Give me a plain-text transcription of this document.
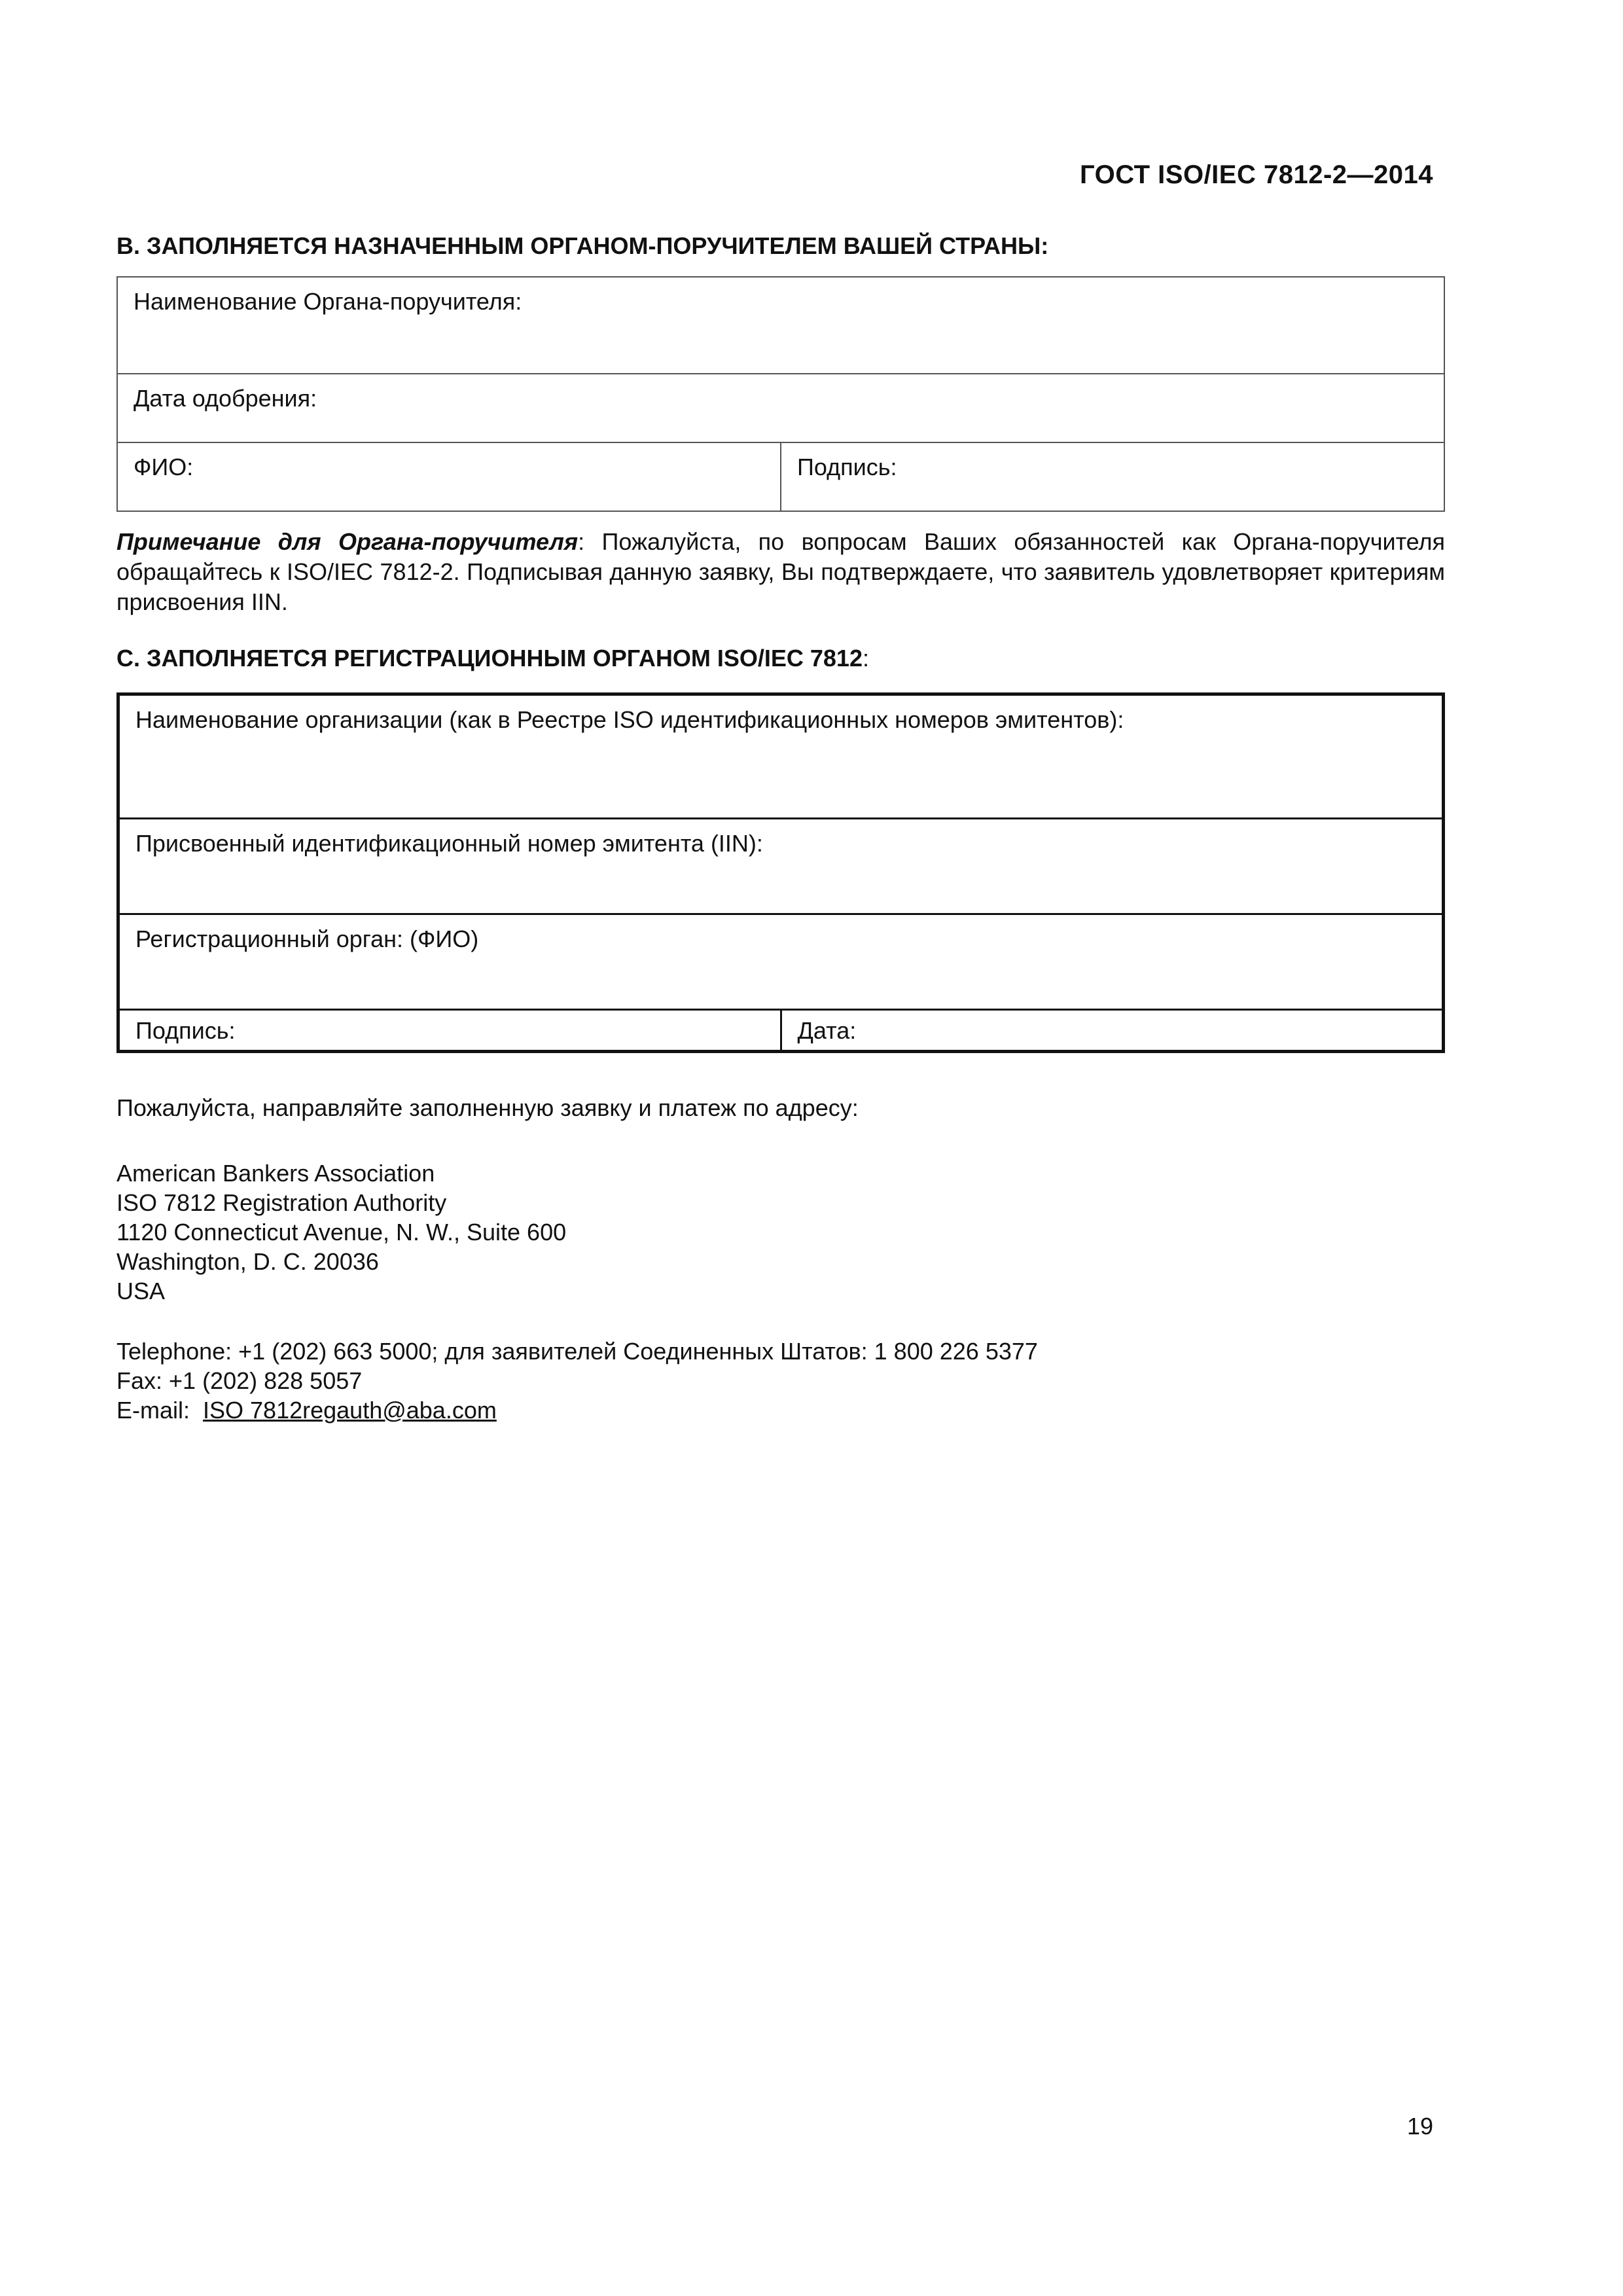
ГОСТ ISO/IEC 7812-2—2014
B. ЗАПОЛНЯЕТСЯ НАЗНАЧЕННЫМ ОРГАНОМ-ПОРУЧИТЕЛЕМ ВАШЕЙ СТРАНЫ:
Наименование Органа-поручителя:
Дата одобрения:
ФИО:	Подпись:
Примечание для Органа-поручителя: Пожалуйста, по вопросам Ваших обязанностей как Органа-поручителя обращайтесь к ISO/IEC 7812-2. Подписывая данную заявку, Вы подтверждаете, что заявитель удовлетворяет критериям присвоения IIN.
C. ЗАПОЛНЯЕТСЯ РЕГИСТРАЦИОННЫМ ОРГАНОМ ISO/IEC 7812:
Наименование организации (как в Реестре ISO идентификационных номеров эмитентов):
Присвоенный идентификационный номер эмитента (IIN):
Регистрационный орган: (ФИО)
Подпись:	Дата:
Пожалуйста, направляйте заполненную заявку и платеж по адресу:
American Bankers Association
ISO 7812 Registration Authority
1120 Connecticut Avenue, N. W., Suite 600
Washington, D. C. 20036
USA
Telephone: +1 (202) 663 5000; для заявителей Соединенных Штатов: 1 800 226 5377
Fax: +1 (202) 828 5057
E-mail:  ISO 7812regauth@aba.com
19
